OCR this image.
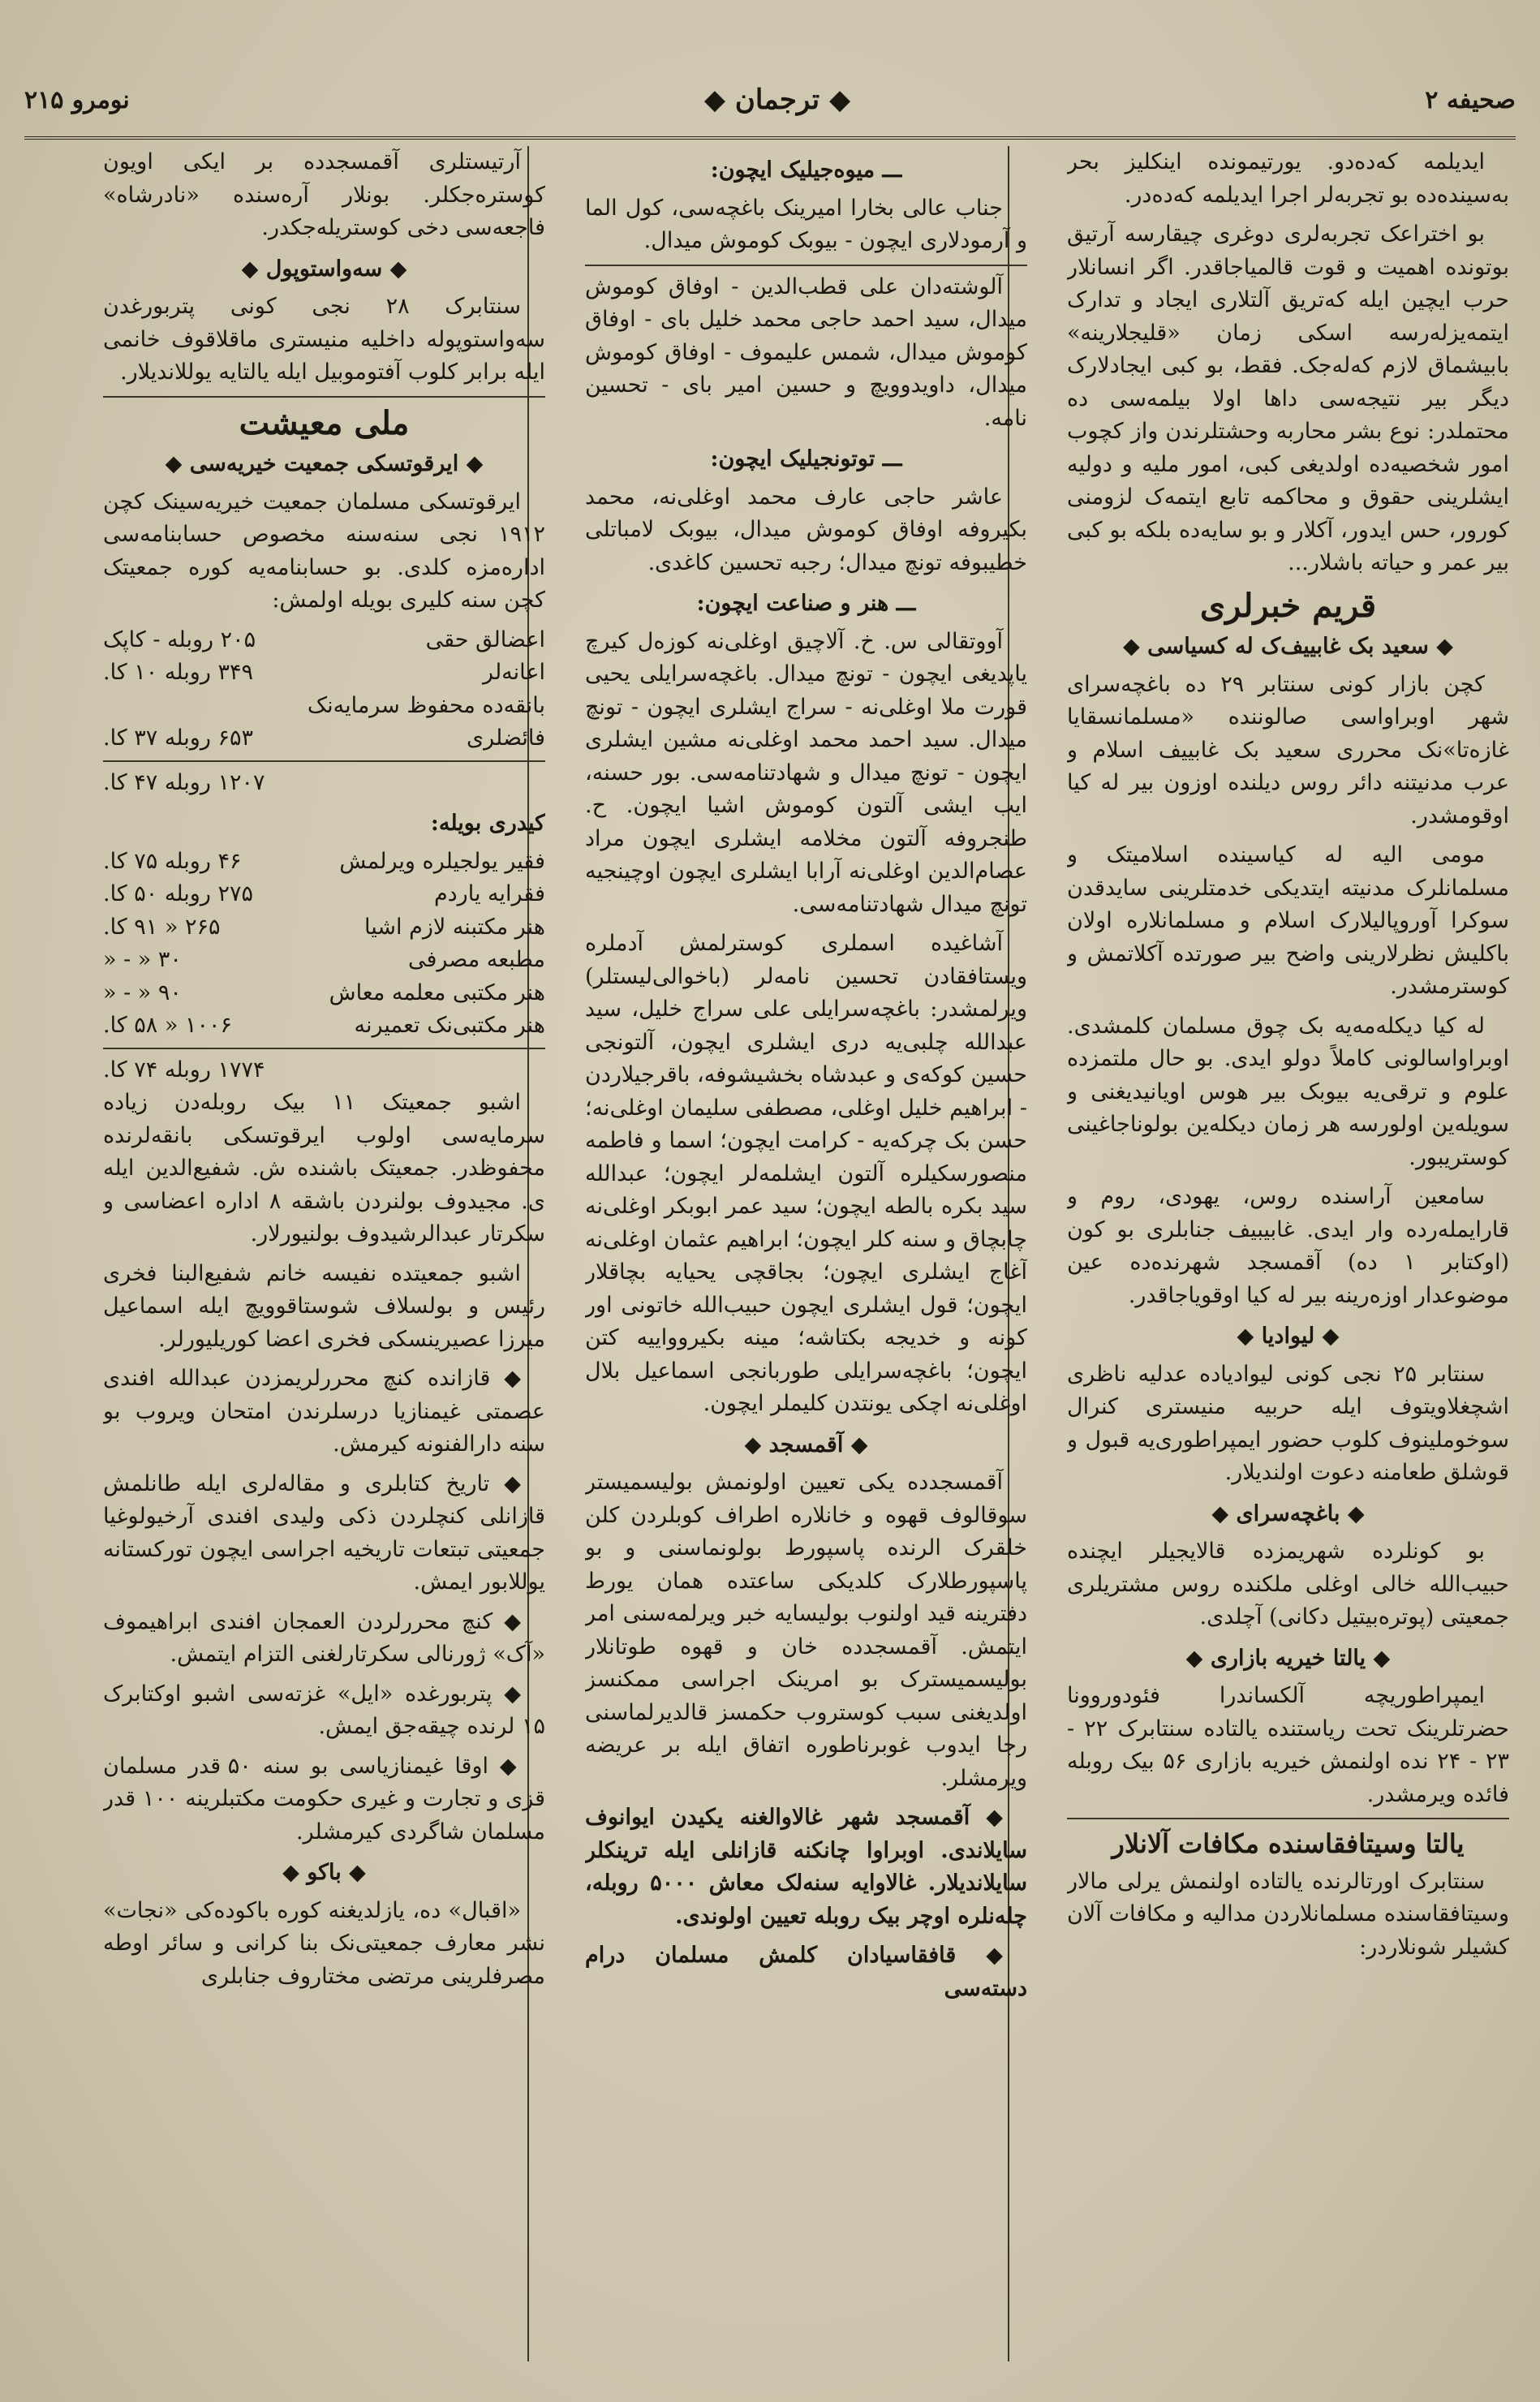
صحیفه ۲
◆ ترجمان ◆
نومرو ۲۱۵

ایدیلمه که‌ده‌دو. یورتیمونده اینکلیز بحر به‌سینده‌ده بو تجربه‌لر اجرا ایدیلمه که‌ده‌در.

بو اختراعک تجربه‌لری دوغری چیقارسه آرتیق بوتونده اهمیت و قوت قالمیاجاقدر. اگر انسانلار حرب ایچین ایله که‌تریق آلتلاری ایجاد و تدارک ایتمه‌یزله‌رسه اسکی زمان «قلیجلارینه» بابیشماق لازم که‌له‌جک. فقط، بو کبی ایجادلارک دیگر بیر نتیجه‌سی داها اولا بیلمه‌سی ده محتملدر: نوع بشر محاربه وحشتلرندن واز کچوب امور شخصیه‌ده اولدیغی کبی، امور ملیه و دولیه ایشلرینی حقوق و محاکمه تابع ایتمه‌ک لزومنی کورور، حس ایدور، آکلار و بو سایه‌ده بلکه بو کبی بیر عمر و حیاته باشلار...

قریم خبرلری
◆ سعید بک غابییف‌ک له کسیاسی ◆

کچن بازار کونی سنتابر ۲۹ ده باغچه‌سرای شهر اوبراواسی صالوننده «مسلمانسقایا غازه‌تا»نک محرری سعید بک غابییف اسلام و عرب مدنیتنه دائر روس دیلنده اوزون بیر له کیا اوقومشدر.

مومی الیه له کیاسینده اسلامیتک و مسلمانلرک مدنیته ایتدیکی خدمتلرینی سایدقدن سوکرا آوروپالیلارک اسلام و مسلمانلاره اولان باکلیش نظرلارینی واضح بیر صورتده آکلاتمش و کوسترمشدر.

له کیا دیکله‌مه‌یه بک چوق مسلمان کلمشدی. اوبراواسالونی کاملاً دولو ایدی. بو حال ملتمزده علوم و ترقی‌یه بیوبک بیر هوس اویانیدیغنی و سویله‌ین اولورسه هر زمان دیکله‌ین بولوناجاغینی کوستریبور.

سامعین آراسنده روس، یهودی، روم و قارایمله‌رده وار ایدی. غابیبیف جنابلری بو کون (اوکتابر ۱ ده) آقمسجد شهرنده‌ده عین موضوعدار اوزه‌رینه بیر له کیا اوقویاجاقدر.

◆ لیوادیا ◆

سنتابر ۲۵ نجی کونی لیوادیاده عدلیه ناظری اشچغلاویتوف ایله حربیه منیستری کنرال سوخوملینوف کلوب حضور ایمپراطوری‌یه قبول و قوشلق طعامنه دعوت اولندیلار.

◆ باغچه‌سرای ◆

بو کونلرده شهریمزده قالایجیلر ایچنده حبیب‌الله خالی اوغلی ملکنده روس مشتریلری جمعیتی (پوتره‌بیتیل دکانی) آچلدی.

◆ یالتا خیریه بازاری ◆

ایمپراطوریچه آلکساندرا فئودوروونا حضرتلرینک تحت ریاستنده یالتاده سنتابرک ۲۲ - ۲۳ - ۲۴ نده اولنمش خیریه بازاری ۵۶ بیک روبله فائده ویرمشدر.

یالتا وسیتافقاسنده مکافات آلانلار

سنتابرک اورتالرنده یالتاده اولنمش یرلی مالار وسیتافقاسنده مسلمانلاردن مدالیه و مکافات آلان کشیلر شونلاردر:

ـــ میوه‌جیلیک ایچون:

جناب عالی بخارا امیرینک باغچه‌سی، کول الما و آرمودلاری ایچون - بیوبک کوموش میدال.

آلوشته‌دان علی قطب‌الدین - اوفاق کوموش میدال، سید احمد حاجی محمد خلیل بای - اوفاق کوموش میدال، شمس علیموف - اوفاق کوموش میدال، داویدوویچ و حسین امیر بای - تحسین نامه.

ـــ توتونجیلیک ایچون:

عاشر حاجی عارف محمد اوغلی‌نه، محمد بکیروفه اوفاق کوموش میدال، بیوبک لامباتلی خطیبوفه تونچ میدال؛ رجبه تحسین کاغدی.

ـــ هنر و صناعت ایچون:

آووتقالی س. خ. آلاچیق اوغلی‌نه کوزه‌ل کیرچ یاپدیغی ایچون - تونچ میدال. باغچه‌سرایلی یحیی قورت ملا اوغلی‌نه - سراج ایشلری ایچون - تونچ میدال. سید احمد محمد اوغلی‌نه مشین ایشلری ایچون - تونچ میدال و شهادتنامه‌سی. بور حسنه، ایب ایشی آلتون کوموش اشیا ایچون. ح. طنجروفه آلتون مخلامه ایشلری ایچون مراد عصام‌الدین اوغلی‌نه آرابا ایشلری ایچون اوچینجیه تونچ میدال شهادتنامه‌سی.

آشاغیده اسملری کوسترلمش آدملره ویستافقادن تحسین نامه‌لر (باخوالی‌لیستلر) ویرلمشدر: باغچه‌سرایلی علی سراج خلیل، سید عبدالله چلبی‌یه دری ایشلری ایچون، آلتونجی حسین کوکه‌ی و عبدشاه بخشیشوفه، باقرجیلاردن - ابراهیم خلیل اوغلی، مصطفی سلیمان اوغلی‌نه؛ حسن بک چرکه‌یه - کرامت ایچون؛ اسما و فاطمه منصورسکیلره آلتون ایشلمه‌لر ایچون؛ عبدالله سید بکره بالطه ایچون؛ سید عمر ابوبکر اوغلی‌نه چابچاق و سنه کلر ایچون؛ ابراهیم عثمان اوغلی‌نه آغاج ایشلری ایچون؛ بجاقچی یحیایه بچاقلار ایچون؛ قول ایشلری ایچون حبیب‌الله خاتونی اور کونه و خدیجه بکتاشه؛ مینه بکیروواییه کتن ایچون؛ باغچه‌سرایلی طوربانجی اسماعیل بلال اوغلی‌نه اچکی یونتدن کلیملر ایچون.

◆ آقمسجد ◆

آقمسجدده یکی تعیین اولونمش بولیسمیستر سوقالوف قهوه و خانلاره اطراف کوبلردن کلن خلقرک الرنده پاسپورط بولونماسنی و بو پاسپورطلارک کلدیکی ساعتده همان یورط دفترینه قید اولنوب بولیسایه خبر ویرلمه‌سنی امر ایتمش. آقمسجدده خان و قهوه طوتانلار بولیسمیسترک بو امرینک اجراسی ممکنسز اولدیغنی سبب کوستروب حکمسز قالدیرلماسنی رجا ایدوب غوبرناطوره اتفاق ایله بر عریضه ویرمشلر.

◆ آقمسجد شهر غالاوالغنه یکیدن ایوانوف سایلاندی. اوبراوا چانکنه قازانلی ایله ترینکلر سایلاندیلار. غالاوایه سنه‌لک معاش ۵۰۰۰ روبله، چله‌نلره اوچر بیک روبله تعیین اولوندی.

◆ قافقاسیادان کلمش مسلمان درام دسته‌سی

آرتیستلری آقمسجدده بر ایکی اویون کوستره‌جکلر. بونلار آره‌سنده «نادرشاه» فاجعه‌سی دخی کوستریله‌جکدر.

◆ سه‌واستوپول ◆

سنتابرک ۲۸ نجی کونی پتربورغدن سه‌واستوپوله داخلیه منیستری ماقلاقوف خانمی ایله برابر کلوب آفتوموبیل ایله یالتایه یوللاندیلار.

ملی معیشت
◆ ایرقوتسکی جمعیت خیریه‌سی ◆

ایرقوتسکی مسلمان جمعیت خیریه‌سینک کچن ۱۹۱۲ نجی سنه‌سنه مخصوص حسابنامه‌سی اداره‌مزه کلدی. بو حسابنامه‌یه کوره جمعیتک کچن سنه کلیری بویله اولمش:

اعضالق حقی
۲۰۵ روبله - کاپک
اعانه‌لر
۳۴۹ روبله ۱۰ کا.
بانقه‌ده محفوظ سرمایه‌نک
فائضلری
۶۵۳ روبله ۳۷ کا.
۱۲۰۷ روبله ۴۷ کا.
کیدری بویله:
فقیر یولجیلره ویرلمش
۴۶ روبله ۷۵ کا.
فقرایه یاردم
۲۷۵ روبله ۵۰ کا.
هنر مکتبنه لازم اشیا
۲۶۵ « ۹۱ کا.
مطبعه مصرفی
۳۰ « - «
هنر مکتبی معلمه معاش
۹۰ « - «
هنر مکتبی‌نک تعمیرنه
۱۰۰۶ « ۵۸ کا.
۱۷۷۴ روبله ۷۴ کا.

اشبو جمعیتک ۱۱ بیک روبله‌دن زیاده سرمایه‌سی اولوب ایرقوتسکی بانقه‌لرنده محفوظدر. جمعیتک باشنده ش. شفیع‌الدین ایله ی. مجیدوف بولنردن باشقه ۸ اداره اعضاسی و سکرتار عبدالرشیدوف بولنیورلار.

اشبو جمعیتده نفیسه خانم شفیع‌البنا فخری رئیس و بولسلاف شوستاقوویچ ایله اسماعیل میرزا عصیرینسکی فخری اعضا کوریلیورلر.

◆ قازانده کنچ محررلریمزدن عبدالله افندی عصمتی غیمنازیا درسلرندن امتحان ویروب بو سنه دارالفنونه کیرمش.

◆ تاریخ کتابلری و مقاله‌لری ایله طانلمش قازانلی کنچلردن ذکی ولیدی افندی آرخیولوغیا جمعیتی تبتعات تاریخیه اجراسی ایچون تورکستانه یوللابور ایمش.

◆ کنچ محررلردن العمجان افندی ابراهیموف «آک» ژورنالی سکرتارلغنی التزام ایتمش.

◆ پتربورغده «ایل» غزته‌سی اشبو اوکتابرک ۱۵ لرنده چیقه‌جق ایمش.

◆ اوقا غیمنازیاسی بو سنه ۵۰ قدر مسلمان قزی و تجارت و غیری حکومت مکتبلرینه ۱۰۰ قدر مسلمان شاگردی کیرمشلر.

◆ باکو ◆

«اقبال» ده، یازلدیغنه کوره باکوده‌کی «نجات» نشر معارف جمعیتی‌نک بنا کرانی و سائر اوطه مصرفلرینی مرتضی مختاروف جنابلری
